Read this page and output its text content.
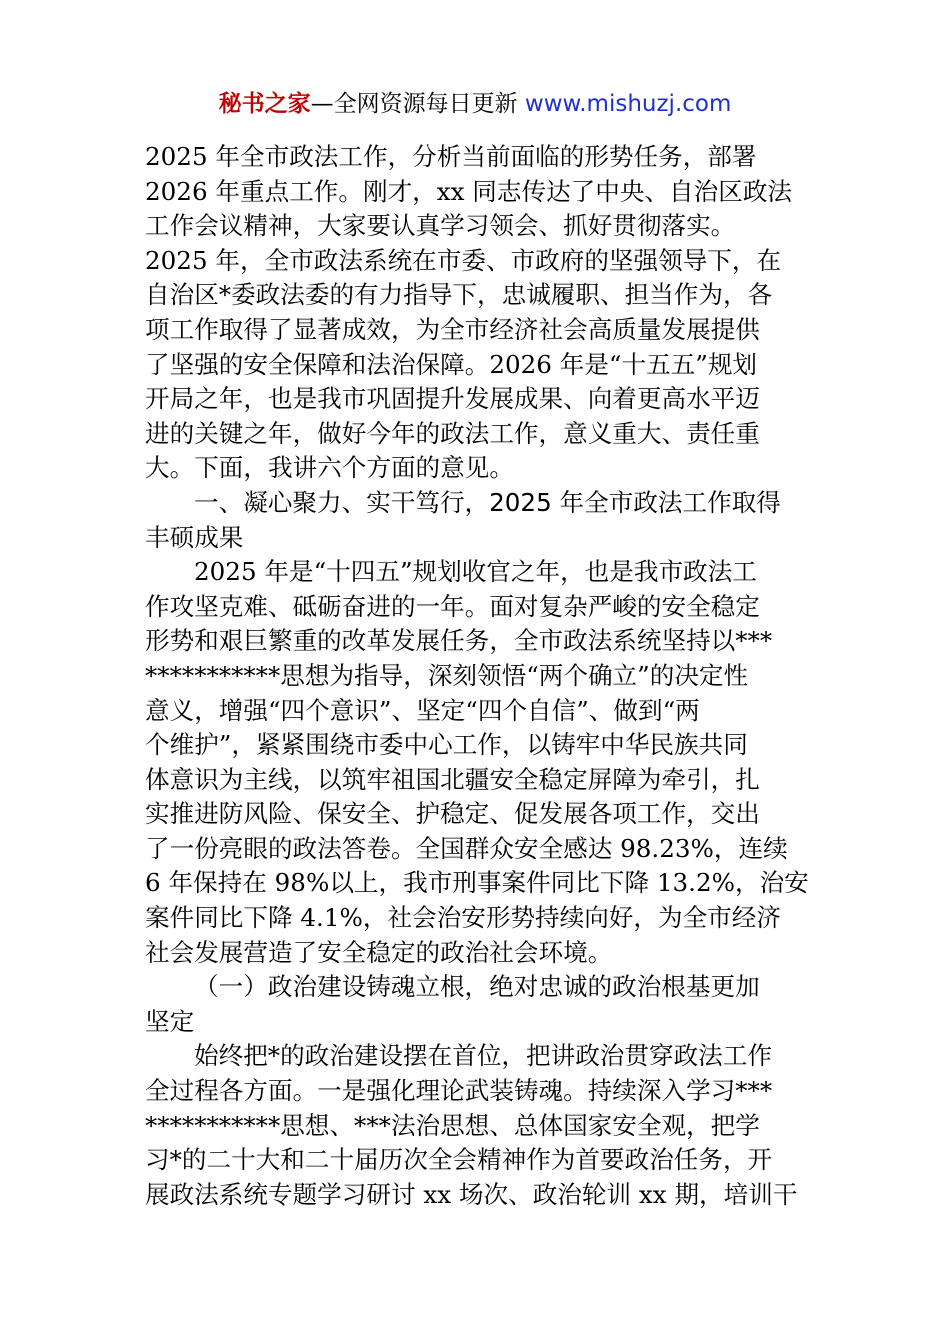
秘书之家—全网资源每日更新 www.mishuzj.com
2025 年全市政法工作，分析当前面临的形势任务，部署
2026 年重点工作。刚才，xx 同志传达了中央、自治区政法
工作会议精神，大家要认真学习领会、抓好贯彻落实。
2025 年，全市政法系统在市委、市政府的坚强领导下，在
自治区*委政法委的有力指导下，忠诚履职、担当作为，各
项工作取得了显著成效，为全市经济社会高质量发展提供
了坚强的安全保障和法治保障。2026 年是“十五五”规划
开局之年，也是我市巩固提升发展成果、向着更高水平迈
进的关键之年，做好今年的政法工作，意义重大、责任重
大。下面，我讲六个方面的意见。
一、凝心聚力、实干笃行，2025 年全市政法工作取得
丰硕成果
2025 年是“十四五”规划收官之年，也是我市政法工
作攻坚克难、砥砺奋进的一年。面对复杂严峻的安全稳定
形势和艰巨繁重的改革发展任务，全市政法系统坚持以***
***********思想为指导，深刻领悟“两个确立”的决定性
意义，增强“四个意识”、坚定“四个自信”、做到“两
个维护”，紧紧围绕市委中心工作，以铸牢中华民族共同
体意识为主线，以筑牢祖国北疆安全稳定屏障为牵引，扎
实推进防风险、保安全、护稳定、促发展各项工作，交出
了一份亮眼的政法答卷。全国群众安全感达 98.23%，连续
6 年保持在 98%以上，我市刑事案件同比下降 13.2%，治安
案件同比下降 4.1%，社会治安形势持续向好，为全市经济
社会发展营造了安全稳定的政治社会环境。
（一）政治建设铸魂立根，绝对忠诚的政治根基更加
坚定
始终把*的政治建设摆在首位，把讲政治贯穿政法工作
全过程各方面。一是强化理论武装铸魂。持续深入学习***
***********思想、***法治思想、总体国家安全观，把学
习*的二十大和二十届历次全会精神作为首要政治任务，开
展政法系统专题学习研讨 xx 场次、政治轮训 xx 期，培训干
